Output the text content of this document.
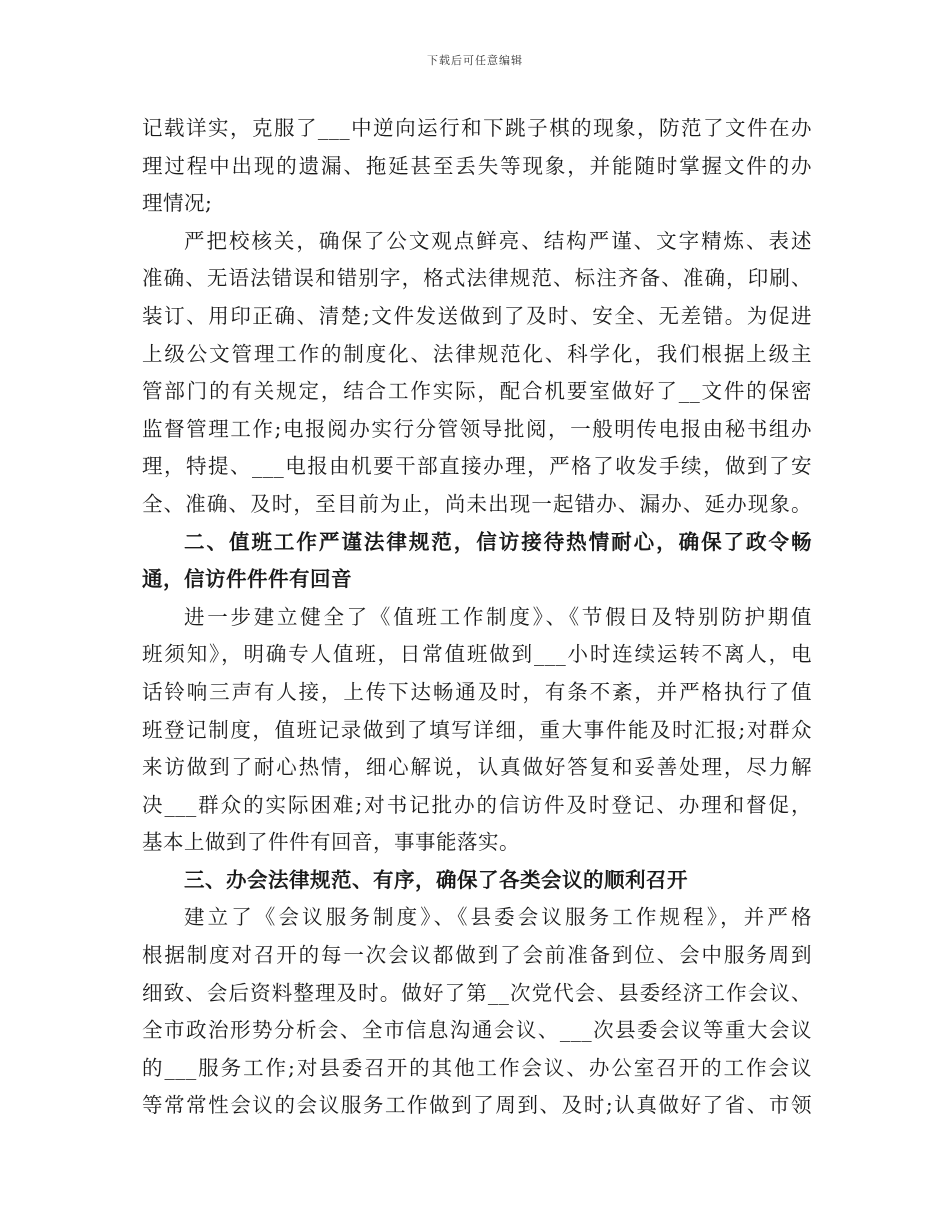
下载后可任意编辑
记载详实，克服了___中逆向运行和下跳子棋的现象，防范了文件在办
理过程中出现的遗漏、拖延甚至丢失等现象，并能随时掌握文件的办
理情况;
严把校核关，确保了公文观点鲜亮、结构严谨、文字精炼、表述
准确、无语法错误和错别字，格式法律规范、标注齐备、准确，印刷、
装订、用印正确、清楚;文件发送做到了及时、安全、无差错。为促进
上级公文管理工作的制度化、法律规范化、科学化，我们根据上级主
管部门的有关规定，结合工作实际，配合机要室做好了__文件的保密
监督管理工作;电报阅办实行分管领导批阅，一般明传电报由秘书组办
理，特提、___电报由机要干部直接办理，严格了收发手续，做到了安
全、准确、及时，至目前为止，尚未出现一起错办、漏办、延办现象。
二、值班工作严谨法律规范，信访接待热情耐心，确保了政令畅
通，信访件件件有回音
进一步建立健全了《值班工作制度》、《节假日及特别防护期值
班须知》，明确专人值班，日常值班做到___小时连续运转不离人，电
话铃响三声有人接，上传下达畅通及时，有条不紊，并严格执行了值
班登记制度，值班记录做到了填写详细，重大事件能及时汇报;对群众
来访做到了耐心热情，细心解说，认真做好答复和妥善处理，尽力解
决___群众的实际困难;对书记批办的信访件及时登记、办理和督促，
基本上做到了件件有回音，事事能落实。
三、办会法律规范、有序，确保了各类会议的顺利召开
建立了《会议服务制度》、《县委会议服务工作规程》，并严格
根据制度对召开的每一次会议都做到了会前准备到位、会中服务周到
细致、会后资料整理及时。做好了第__次党代会、县委经济工作会议、
全市政治形势分析会、全市信息沟通会议、___次县委会议等重大会议
的___服务工作;对县委召开的其他工作会议、办公室召开的工作会议
等常常性会议的会议服务工作做到了周到、及时;认真做好了省、市领
